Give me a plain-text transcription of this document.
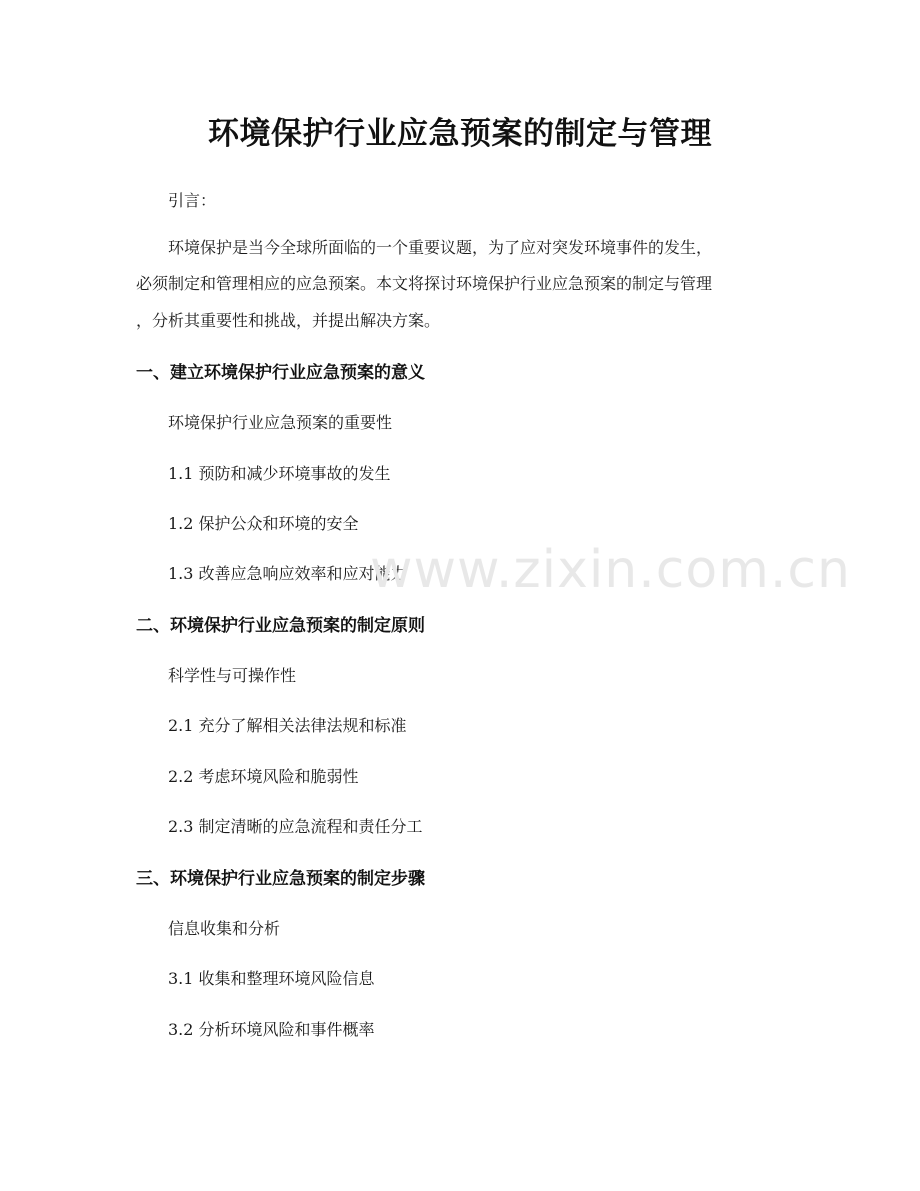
环境保护行业应急预案的制定与管理

引言：

环境保护是当今全球所面临的一个重要议题，为了应对突发环境事件的发生，

必须制定和管理相应的应急预案。本文将探讨环境保护行业应急预案的制定与管理

，分析其重要性和挑战，并提出解决方案。

一、建立环境保护行业应急预案的意义

环境保护行业应急预案的重要性

1.1 预防和减少环境事故的发生

1.2 保护公众和环境的安全

1.3 改善应急响应效率和应对能力

二、环境保护行业应急预案的制定原则

科学性与可操作性

2.1 充分了解相关法律法规和标准

2.2 考虑环境风险和脆弱性

2.3 制定清晰的应急流程和责任分工

三、环境保护行业应急预案的制定步骤

信息收集和分析

3.1 收集和整理环境风险信息

3.2 分析环境风险和事件概率

www.zixin.com.cn
